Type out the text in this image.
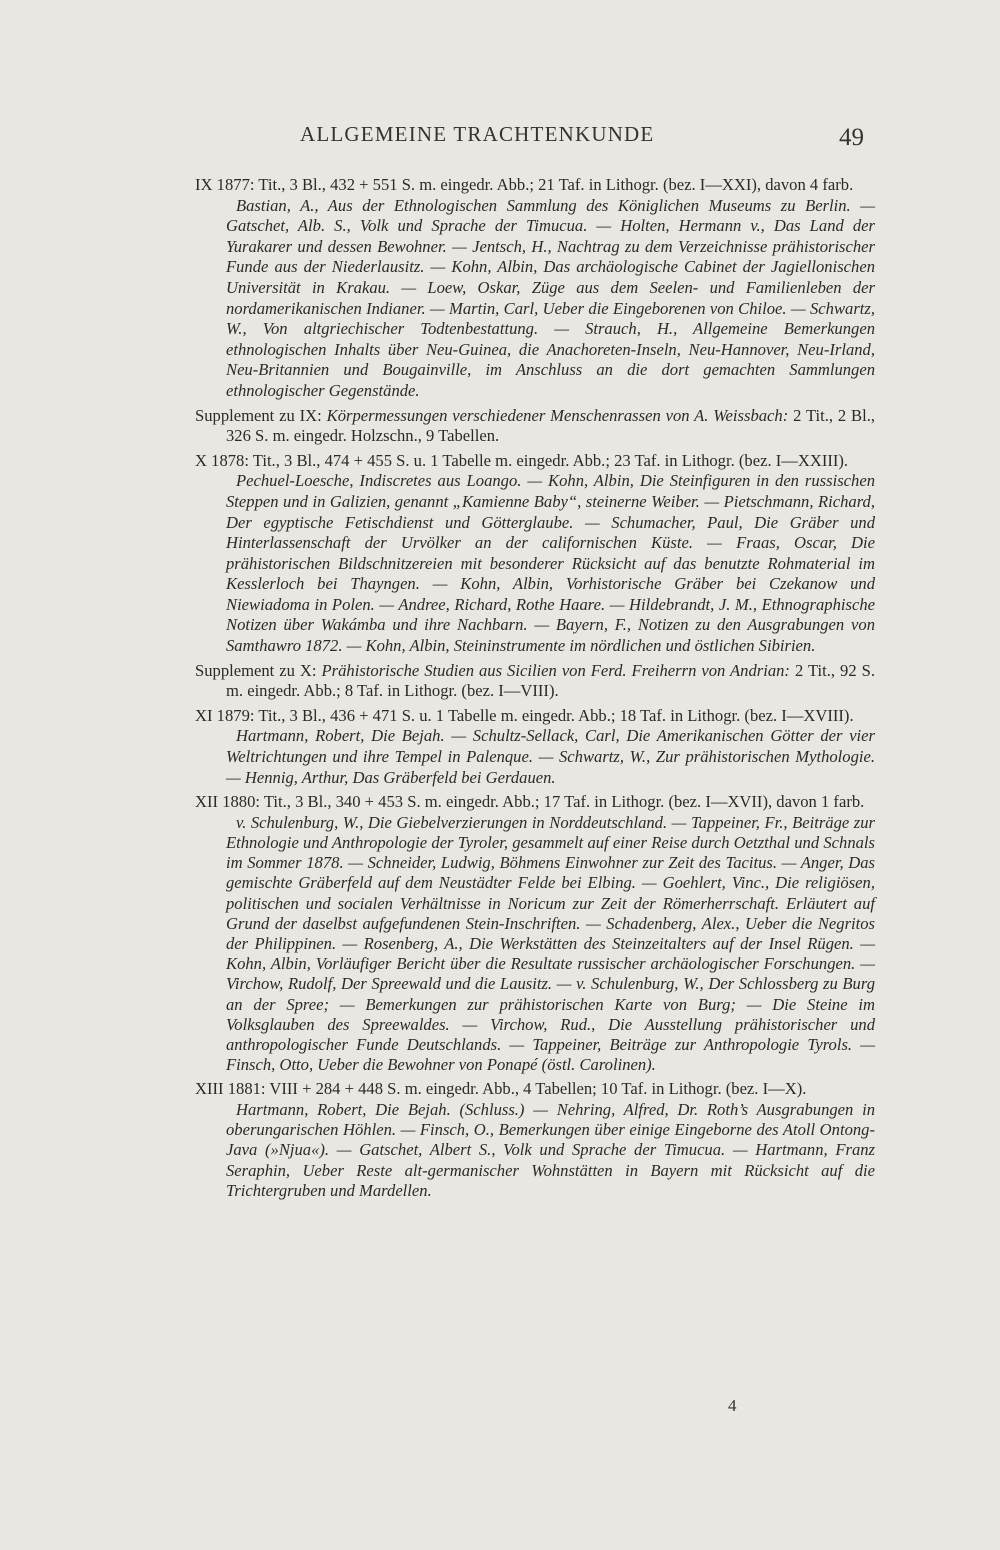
ALLGEMEINE TRACHTENKUNDE	49
IX 1877: Tit., 3 Bl., 432 + 551 S. m. eingedr. Abb.; 21 Taf. in Lithogr. (bez. I—XXI), davon 4 farb.
Bastian, A., Aus der Ethnologischen Sammlung des Königlichen Museums zu Berlin. — Gatschet, Alb. S., Volk und Sprache der Timucua. — Holten, Hermann v., Das Land der Yurakarer und dessen Bewohner. — Jentsch, H., Nachtrag zu dem Verzeichnisse prähistorischer Funde aus der Niederlausitz. — Kohn, Albin, Das archäologische Cabinet der Jagiellonischen Universität in Krakau. — Loew, Oskar, Züge aus dem Seelen- und Familienleben der nordamerikanischen Indianer. — Martin, Carl, Ueber die Eingeborenen von Chiloe. — Schwartz, W., Von altgriechischer Todtenbestattung. — Strauch, H., Allgemeine Bemerkungen ethnologischen Inhalts über Neu-Guinea, die Anachoreten-Inseln, Neu-Hannover, Neu-Irland, Neu-Britannien und Bougainville, im Anschluss an die dort gemachten Sammlungen ethnologischer Gegenstände.
Supplement zu IX: Körpermessungen verschiedener Menschenrassen von A. Weissbach: 2 Tit., 2 Bl., 326 S. m. eingedr. Holzschn., 9 Tabellen.
X 1878: Tit., 3 Bl., 474 + 455 S. u. 1 Tabelle m. eingedr. Abb.; 23 Taf. in Lithogr. (bez. I—XXIII).
Pechuel-Loesche, Indiscretes aus Loango. — Kohn, Albin, Die Steinfiguren in den russischen Steppen und in Galizien, genannt „Kamienne Baby“, steinerne Weiber. — Pietschmann, Richard, Der egyptische Fetischdienst und Götterglaube. — Schumacher, Paul, Die Gräber und Hinterlassenschaft der Urvölker an der californischen Küste. — Fraas, Oscar, Die prähistorischen Bildschnitzereien mit besonderer Rücksicht auf das benutzte Rohmaterial im Kesslerloch bei Thayngen. — Kohn, Albin, Vorhistorische Gräber bei Czekanow und Niewiadoma in Polen. — Andree, Richard, Rothe Haare. — Hildebrandt, J. M., Ethnographische Notizen über Wakámba und ihre Nachbarn. — Bayern, F., Notizen zu den Ausgrabungen von Samthawro 1872. — Kohn, Albin, Steininstrumente im nördlichen und östlichen Sibirien.
Supplement zu X: Prähistorische Studien aus Sicilien von Ferd. Freiherrn von Andrian: 2 Tit., 92 S. m. eingedr. Abb.; 8 Taf. in Lithogr. (bez. I—VIII).
XI 1879: Tit., 3 Bl., 436 + 471 S. u. 1 Tabelle m. eingedr. Abb.; 18 Taf. in Lithogr. (bez. I—XVIII).
Hartmann, Robert, Die Bejah. — Schultz-Sellack, Carl, Die Amerikanischen Götter der vier Weltrichtungen und ihre Tempel in Palenque. — Schwartz, W., Zur prähistorischen Mythologie. — Hennig, Arthur, Das Gräberfeld bei Gerdauen.
XII 1880: Tit., 3 Bl., 340 + 453 S. m. eingedr. Abb.; 17 Taf. in Lithogr. (bez. I—XVII), davon 1 farb.
v. Schulenburg, W., Die Giebelverzierungen in Norddeutschland. — Tappeiner, Fr., Beiträge zur Ethnologie und Anthropologie der Tyroler, gesammelt auf einer Reise durch Oetzthal und Schnals im Sommer 1878. — Schneider, Ludwig, Böhmens Einwohner zur Zeit des Tacitus. — Anger, Das gemischte Gräberfeld auf dem Neustädter Felde bei Elbing. — Goehlert, Vinc., Die religiösen, politischen und socialen Verhältnisse in Noricum zur Zeit der Römerherrschaft. Erläutert auf Grund der daselbst aufgefundenen Stein-Inschriften. — Schadenberg, Alex., Ueber die Negritos der Philippinen. — Rosenberg, A., Die Werkstätten des Steinzeitalters auf der Insel Rügen. — Kohn, Albin, Vorläufiger Bericht über die Resultate russischer archäologischer Forschungen. — Virchow, Rudolf, Der Spreewald und die Lausitz. — v. Schulenburg, W., Der Schlossberg zu Burg an der Spree; — Bemerkungen zur prähistorischen Karte von Burg; — Die Steine im Volksglauben des Spreewaldes. — Virchow, Rud., Die Ausstellung prähistorischer und anthropologischer Funde Deutschlands. — Tappeiner, Beiträge zur Anthropologie Tyrols. — Finsch, Otto, Ueber die Bewohner von Ponapé (östl. Carolinen).
XIII 1881: VIII + 284 + 448 S. m. eingedr. Abb., 4 Tabellen; 10 Taf. in Lithogr. (bez. I—X).
Hartmann, Robert, Die Bejah. (Schluss.) — Nehring, Alfred, Dr. Roth’s Ausgrabungen in oberungarischen Höhlen. — Finsch, O., Bemerkungen über einige Eingeborne des Atoll Ontong-Java (»Njua«). — Gatschet, Albert S., Volk und Sprache der Timucua. — Hartmann, Franz Seraphin, Ueber Reste alt-germanischer Wohnstätten in Bayern mit Rücksicht auf die Trichtergruben und Mardellen.
4
